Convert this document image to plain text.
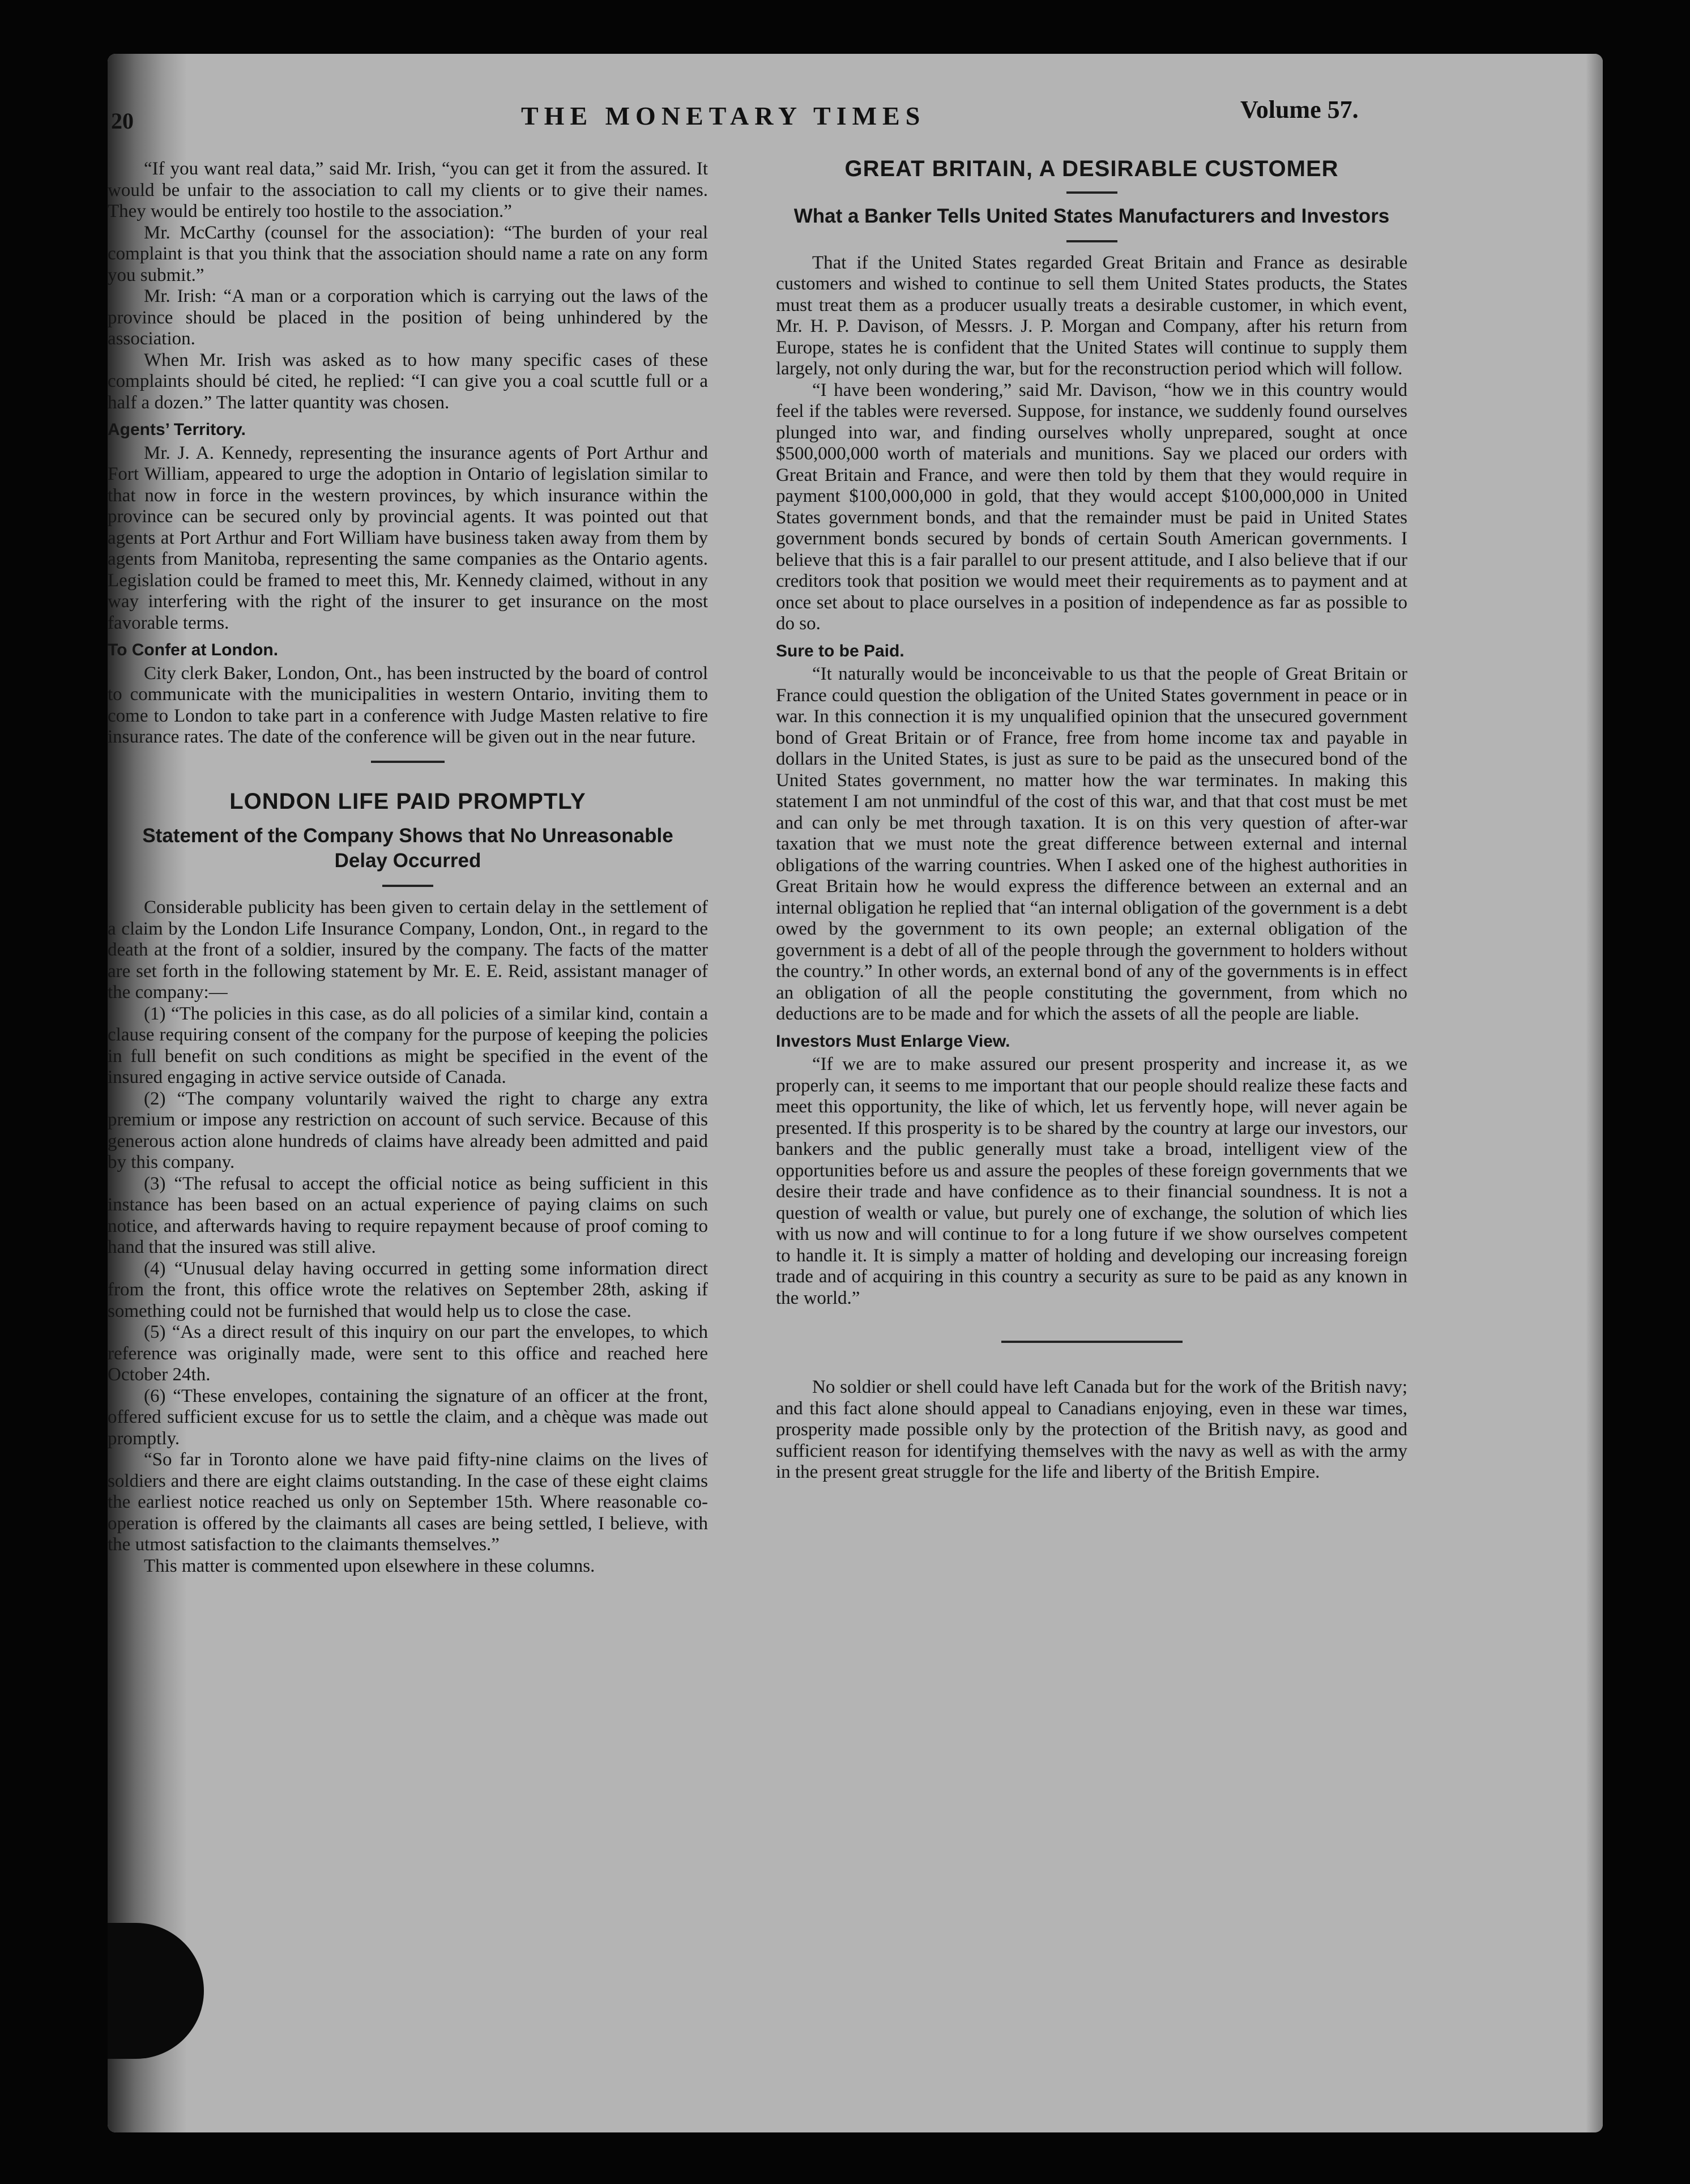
20	THE MONETARY TIMES	Volume 57.

“If you want real data,” said Mr. Irish, “you can get it from the assured. It would be unfair to the association to call my clients or to give their names. They would be entirely too hostile to the association.”

Mr. McCarthy (counsel for the association): “The burden of your real complaint is that you think that the association should name a rate on any form you submit.”

Mr. Irish: “A man or a corporation which is carrying out the laws of the province should be placed in the position of being unhindered by the association.

When Mr. Irish was asked as to how many specific cases of these complaints should bé cited, he replied: “I can give you a coal scuttle full or a half a dozen.” The latter quantity was chosen.

Agents’ Territory.

Mr. J. A. Kennedy, representing the insurance agents of Port Arthur and Fort William, appeared to urge the adoption in Ontario of legislation similar to that now in force in the western provinces, by which insurance within the province can be secured only by provincial agents. It was pointed out that agents at Port Arthur and Fort William have business taken away from them by agents from Manitoba, representing the same companies as the Ontario agents. Legislation could be framed to meet this, Mr. Kennedy claimed, without in any way interfering with the right of the insurer to get insurance on the most favorable terms.

To Confer at London.

City clerk Baker, London, Ont., has been instructed by the board of control to communicate with the municipalities in western Ontario, inviting them to come to London to take part in a conference with Judge Masten relative to fire insurance rates. The date of the conference will be given out in the near future.

LONDON LIFE PAID PROMPTLY
Statement of the Company Shows that No Unreasonable Delay Occurred

Considerable publicity has been given to certain delay in the settlement of a claim by the London Life Insurance Company, London, Ont., in regard to the death at the front of a soldier, insured by the company. The facts of the matter are set forth in the following statement by Mr. E. E. Reid, assistant manager of the company:—

(1) “The policies in this case, as do all policies of a similar kind, contain a clause requiring consent of the company for the purpose of keeping the policies in full benefit on such conditions as might be specified in the event of the insured engaging in active service outside of Canada.

(2) “The company voluntarily waived the right to charge any extra premium or impose any restriction on account of such service. Because of this generous action alone hundreds of claims have already been admitted and paid by this company.

(3) “The refusal to accept the official notice as being sufficient in this instance has been based on an actual experience of paying claims on such notice, and afterwards having to require repayment because of proof coming to hand that the insured was still alive.

(4) “Unusual delay having occurred in getting some information direct from the front, this office wrote the relatives on September 28th, asking if something could not be furnished that would help us to close the case.

(5) “As a direct result of this inquiry on our part the envelopes, to which reference was originally made, were sent to this office and reached here October 24th.

(6) “These envelopes, containing the signature of an officer at the front, offered sufficient excuse for us to settle the claim, and a chèque was made out promptly.

“So far in Toronto alone we have paid fifty-nine claims on the lives of soldiers and there are eight claims outstanding. In the case of these eight claims the earliest notice reached us only on September 15th. Where reasonable co-operation is offered by the claimants all cases are being settled, I believe, with the utmost satisfaction to the claimants themselves.”

This matter is commented upon elsewhere in these columns.

GREAT BRITAIN, A DESIRABLE CUSTOMER
What a Banker Tells United States Manufacturers and Investors

That if the United States regarded Great Britain and France as desirable customers and wished to continue to sell them United States products, the States must treat them as a producer usually treats a desirable customer, in which event, Mr. H. P. Davison, of Messrs. J. P. Morgan and Company, after his return from Europe, states he is confident that the United States will continue to supply them largely, not only during the war, but for the reconstruction period which will follow.

“I have been wondering,” said Mr. Davison, “how we in this country would feel if the tables were reversed. Suppose, for instance, we suddenly found ourselves plunged into war, and finding ourselves wholly unprepared, sought at once $500,000,000 worth of materials and munitions. Say we placed our orders with Great Britain and France, and were then told by them that they would require in payment $100,000,000 in gold, that they would accept $100,000,000 in United States government bonds, and that the remainder must be paid in United States government bonds secured by bonds of certain South American governments. I believe that this is a fair parallel to our present attitude, and I also believe that if our creditors took that position we would meet their requirements as to payment and at once set about to place ourselves in a position of independence as far as possible to do so.

Sure to be Paid.

“It naturally would be inconceivable to us that the people of Great Britain or France could question the obligation of the United States government in peace or in war. In this connection it is my unqualified opinion that the unsecured government bond of Great Britain or of France, free from home income tax and payable in dollars in the United States, is just as sure to be paid as the unsecured bond of the United States government, no matter how the war terminates. In making this statement I am not unmindful of the cost of this war, and that that cost must be met and can only be met through taxation. It is on this very question of after-war taxation that we must note the great difference between external and internal obligations of the warring countries. When I asked one of the highest authorities in Great Britain how he would express the difference between an external and an internal obligation he replied that “an internal obligation of the government is a debt owed by the government to its own people; an external obligation of the government is a debt of all of the people through the government to holders without the country.” In other words, an external bond of any of the governments is in effect an obligation of all the people constituting the government, from which no deductions are to be made and for which the assets of all the people are liable.

Investors Must Enlarge View.

“If we are to make assured our present prosperity and increase it, as we properly can, it seems to me important that our people should realize these facts and meet this opportunity, the like of which, let us fervently hope, will never again be presented. If this prosperity is to be shared by the country at large our investors, our bankers and the public generally must take a broad, intelligent view of the opportunities before us and assure the peoples of these foreign governments that we desire their trade and have confidence as to their financial soundness. It is not a question of wealth or value, but purely one of exchange, the solution of which lies with us now and will continue to for a long future if we show ourselves competent to handle it. It is simply a matter of holding and developing our increasing foreign trade and of acquiring in this country a security as sure to be paid as any known in the world.”

No soldier or shell could have left Canada but for the work of the British navy; and this fact alone should appeal to Canadians enjoying, even in these war times, prosperity made possible only by the protection of the British navy, as good and sufficient reason for identifying themselves with the navy as well as with the army in the present great struggle for the life and liberty of the British Empire.
